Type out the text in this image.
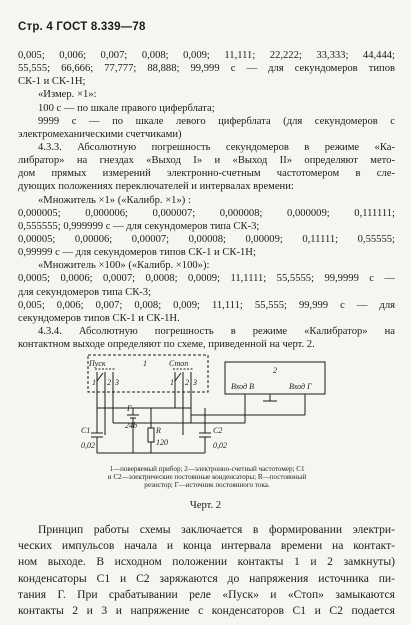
Стр. 4 ГОСТ 8.339—78
0,005; 0,006; 0,007; 0,008; 0,009; 11,111; 22,222; 33,333; 44,444;
55,555; 66,666; 77,777; 88,888; 99,999 с — для секундомеров типов
СК-1 и СК-1Н;
«Измер. ×1»:
100 с — по шкале правого циферблата;
9999 с — по шкале левого циферблата (для секундомеров с
электромеханическими счетчиками)
4.3.3. Абсолютную погрешность секундомеров в режиме «Ка-
либратор» на гнездах «Выход I» и «Выход II» определяют мето-
дом прямых измерений электронно-счетным частотомером в сле-
дующих положениях переключателей и интервалах времени:
«Множитель ×1» («Калибр. ×1») :
0,000005; 0,000006; 0,000007; 0,000008; 0,000009; 0,111111;
0,555555; 0,999999 с — для секундомеров типа СК-3;
0,00005; 0,00006; 0,00007; 0,00008; 0,00009; 0,11111; 0,55555;
0,99999 с — для секундомеров типов СК-1 и СК-1Н;
«Множитель ×100» («Калибр. ×100»):
0,0005; 0,0006; 0,0007; 0,0008; 0,0009; 11,1111; 55,5555; 99,9999 с —
для секундомеров типа СК-3;
0,005; 0,006; 0,007; 0,008; 0,009; 11,111; 55,555; 99,999 с — для
секундомеров типов СК-1 и СК-1Н.
4.3.4. Абсолютную погрешность в режиме «Калибратор» на
контактном выходе определяют по схеме, приведенной на черт. 2.
Пуск	Стоп
1
2
1 2 3	1 2 3	Вход В	Вход Г
C1
0,02
C2
0,02
Г
24b
R
120
1—поверяемый прибор; 2—электронно-счетный частотомер; C1
и C2—электрические постоянные конденсаторы; R—постоянный
резистор; Г—источник постоянного тока.
Черт. 2
Принцип работы схемы заключается в формировании электри-
ческих импульсов начала и конца интервала времени на контакт-
ном выходе. В исходном положении контакты 1 и 2 замкнуты)
конденсаторы C1 и C2 заряжаются до напряжения источника пи-
тания Г. При срабатывании реле «Пуск» и «Стоп» замыкаются
контакты 2 и 3 и напряжение с конденсаторов C1 и C2 подается
